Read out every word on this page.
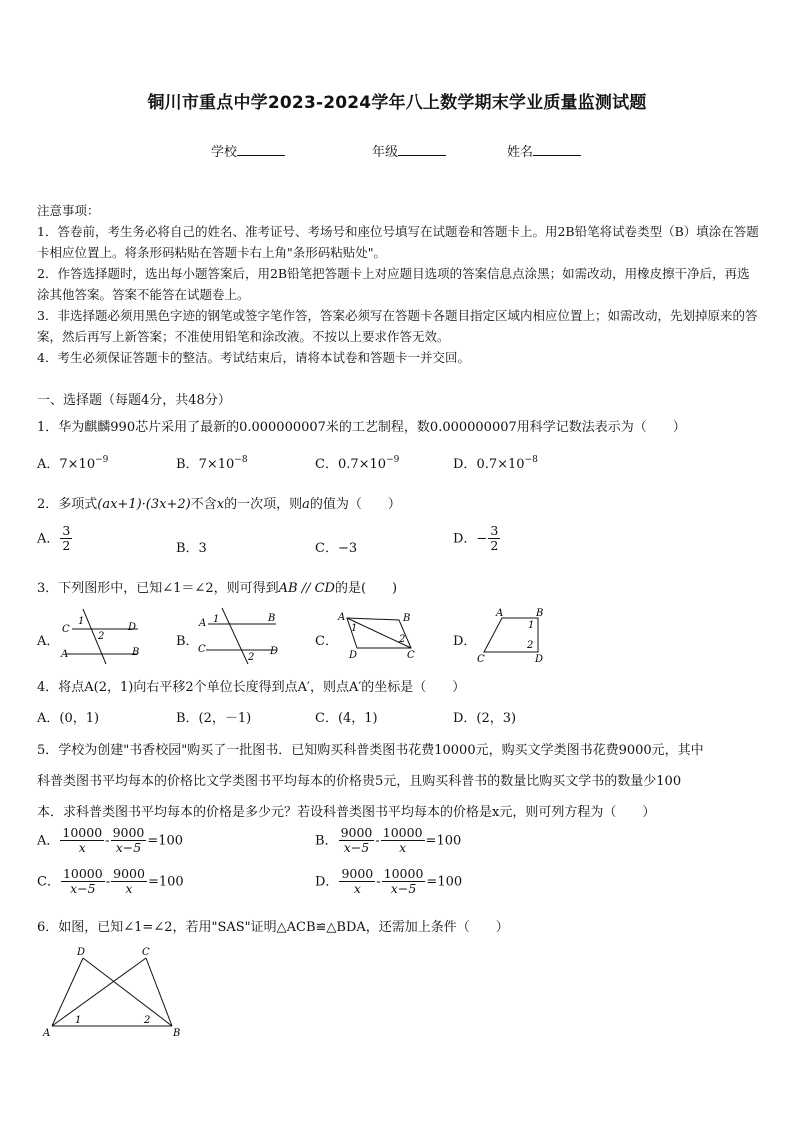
铜川市重点中学2023-2024学年八上数学期末学业质量监测试题
学校	年级	姓名

注意事项：

1．答卷前，考生务必将自己的姓名、准考证号、考场号和座位号填写在试题卷和答题卡上。用2B铅笔将试卷类型（B）填涂在答题卡相应位置上。将条形码粘贴在答题卡右上角"条形码粘贴处"。

2．作答选择题时，选出每小题答案后，用2B铅笔把答题卡上对应题目选项的答案信息点涂黑；如需改动，用橡皮擦干净后，再选涂其他答案。答案不能答在试题卷上。

3．非选择题必须用黑色字迹的钢笔或签字笔作答，答案必须写在答题卡各题目指定区域内相应位置上；如需改动，先划掉原来的答案，然后再写上新答案；不准使用铅笔和涂改液。不按以上要求作答无效。

4．考生必须保证答题卡的整洁。考试结束后，请将本试卷和答题卡一并交回。

一、选择题（每题4分，共48分）
1．华为麒麟990芯片采用了最新的0.000000007米的工艺制程，数0.000000007用科学记数法表示为（　　）
A．$7\times 10^{-9}$	B．$7\times 10^{-8}$	C．$0.7\times 10^{-9}$	D．$0.7\times 10^{-8}$
2．多项式(ax+1)·(3x+2)不含x的一次项，则a的值为（　　）
A． $\frac{3}{2}$	B．3	C．−3
D．− $\frac{3}{2}$
3．下列图形中，已知∠1＝∠2，则可得到AB // CD的是(　　)
A．
C
1
2
D
A	B
B．
A 1	B
C
2
D
C．
A	B
1
2
D	C
D．
A	B
1
2
C	D
4．将点A(2，1)向右平移2个单位长度得到点A′，则点A′的坐标是（　　）
A．(0，1)	B．(2，－1)	C．(4，1)	D．(2，3)
5．学校为创建"书香校园"购买了一批图书．已知购买科普类图书花费10000元，购买文学类图书花费9000元，其中
科普类图书平均每本的价格比文学类图书平均每本的价格贵5元，且购买科普书的数量比购买文学书的数量少100
本．求科普类图书平均每本的价格是多少元？若设科普类图书平均每本的价格是x元，则可列方程为（　　）
A． $\frac{10000}{x} - \frac{9000}{x-5} =100$	B． $\frac{9000}{x-5} - \frac{10000}{x} =100$
C． $\frac{10000}{x-5} - \frac{9000}{x} =100$	D． $\frac{9000}{x} - \frac{10000}{x-5} =100$
6．如图，已知∠1=∠2，若用"SAS"证明△ACB≌△BDA，还需加上条件（　　）
D	C
A	B
1	2
